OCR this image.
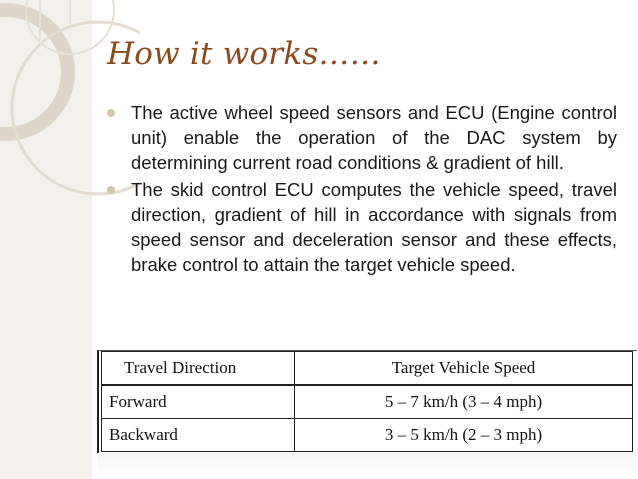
How it works……
The active wheel speed sensors and ECU (Engine control unit) enable the operation of the DAC system by determining current road conditions & gradient of hill.
The skid control ECU computes the vehicle speed, travel direction, gradient of hill in accordance with signals from speed sensor and deceleration sensor and these effects, brake control to attain the target vehicle speed.
Travel Direction	Target Vehicle Speed
Forward	5 – 7 km/h (3 – 4 mph)
Backward	3 – 5 km/h (2 – 3 mph)
